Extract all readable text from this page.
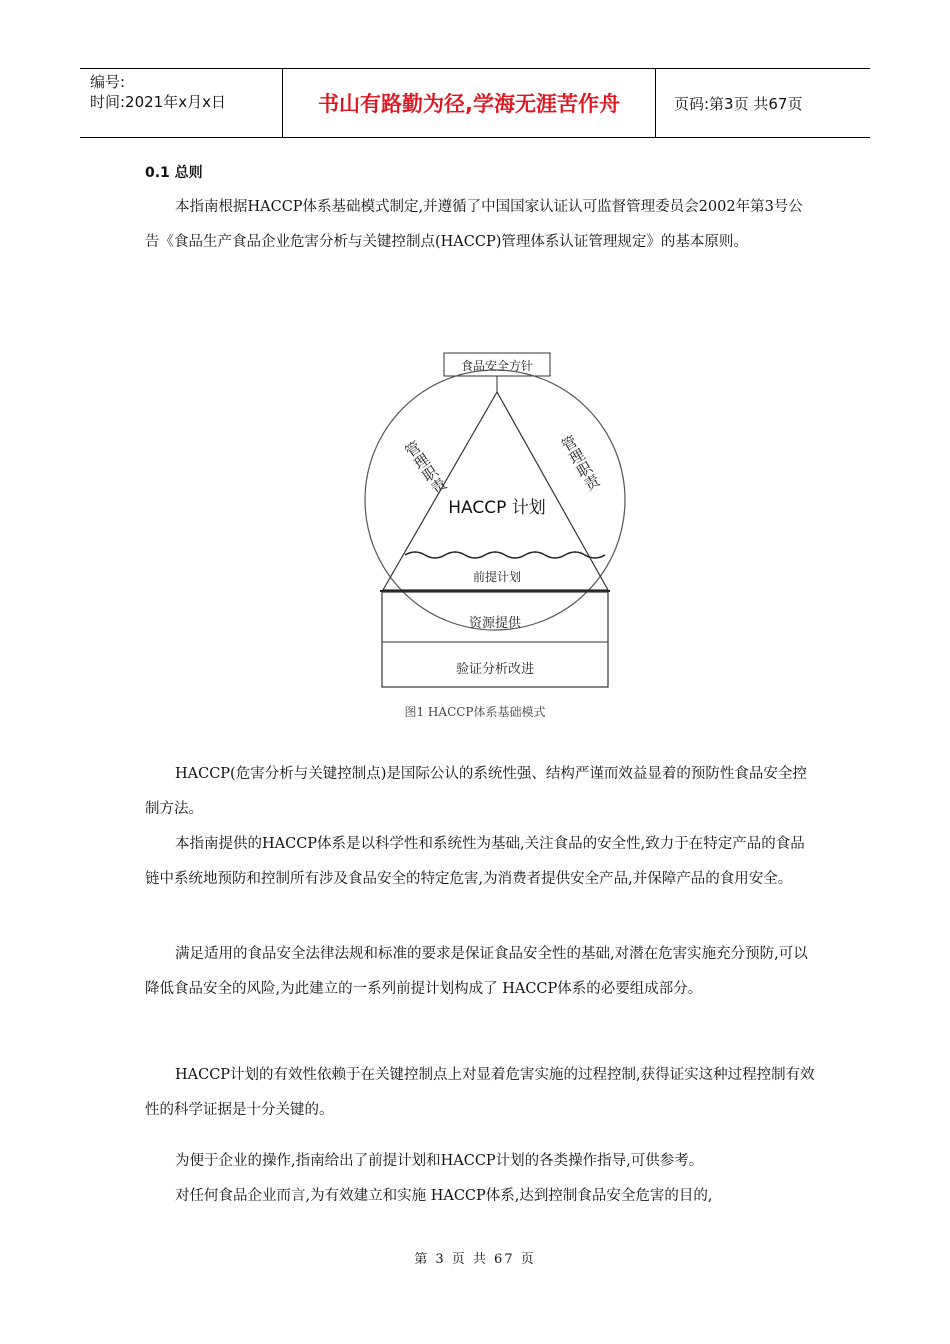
编号:
时间:2021年x月x日	书山有路勤为径,学海无涯苦作舟	页码:第3页 共67页
0.1 总则

本指南根据HACCP体系基础模式制定,并遵循了中国国家认证认可监督管理委员会2002年第3号公告《食品生产食品企业危害分析与关键控制点(HACCP)管理体系认证管理规定》的基本原则。

食品安全方针
HACCP 计划
前提计划
资源提供
验证分析改进
管理职责	管理职责
图1 HACCP体系基础模式

HACCP(危害分析与关键控制点)是国际公认的系统性强、结构严谨而效益显着的预防性食品安全控制方法。

本指南提供的HACCP体系是以科学性和系统性为基础,关注食品的安全性,致力于在特定产品的食品链中系统地预防和控制所有涉及食品安全的特定危害,为消费者提供安全产品,并保障产品的食用安全。

满足适用的食品安全法律法规和标准的要求是保证食品安全性的基础,对潜在危害实施充分预防,可以降低食品安全的风险,为此建立的一系列前提计划构成了 HACCP体系的必要组成部分。

HACCP计划的有效性依赖于在关键控制点上对显着危害实施的过程控制,获得证实这种过程控制有效性的科学证据是十分关键的。

为便于企业的操作,指南给出了前提计划和HACCP计划的各类操作指导,可供参考。

对任何食品企业而言,为有效建立和实施 HACCP体系,达到控制食品安全危害的目的,

第 3 页 共 67 页
